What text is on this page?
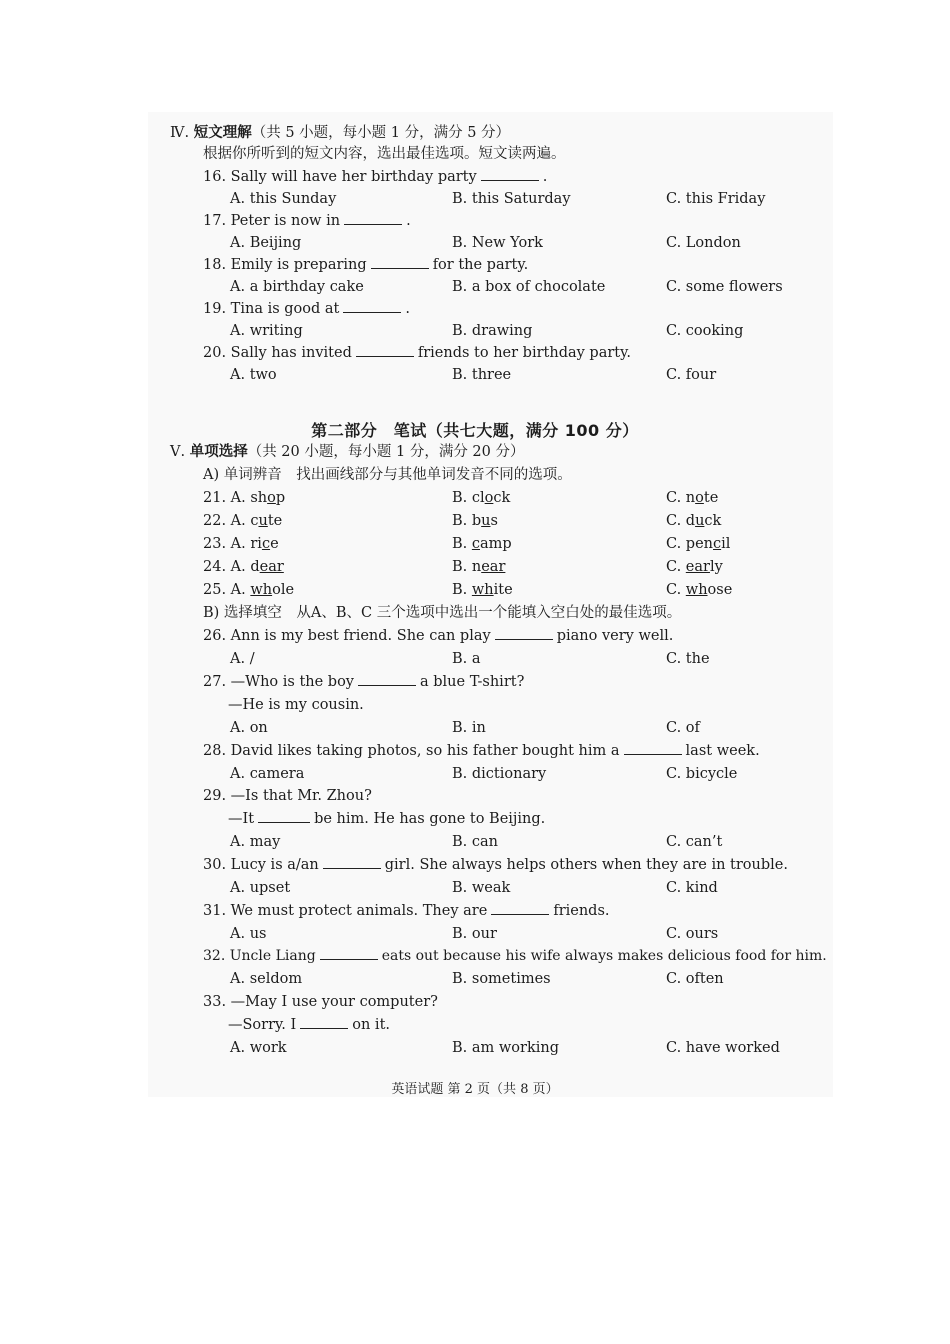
Ⅳ. 短文理解（共 5 小题，每小题 1 分，满分 5 分）
根据你所听到的短文内容，选出最佳选项。短文读两遍。
16. Sally will have her birthday party	.
A. this Sunday	B. this Saturday	C. this Friday
17. Peter is now in	.
A. Beijing	B. New York	C. London
18. Emily is preparing	for the party.
A. a birthday cake	B. a box of chocolate	C. some flowers
19. Tina is good at	.
A. writing	B. drawing	C. cooking
20. Sally has invited	friends to her birthday party.
A. two	B. three	C. four
第二部分　笔试（共七大题，满分 100 分）
Ⅴ. 单项选择（共 20 小题，每小题 1 分，满分 20 分）
A) 单词辨音　找出画线部分与其他单词发音不同的选项。
21. A. shop	B. clock	C. note
22. A. cute	B. bus	C. duck
23. A. rice	B. camp	C. pencil
24. A. dear	B. near	C. early
25. A. whole	B. white	C. whose
B) 选择填空　从A、B、C 三个选项中选出一个能填入空白处的最佳选项。
26. Ann is my best friend. She can play	piano very well.
A. /	B. a	C. the
27. —Who is the boy	a blue T-shirt?
—He is my cousin.
A. on	B. in	C. of
28. David likes taking photos, so his father bought him a	last week.
A. camera	B. dictionary	C. bicycle
29. —Is that Mr. Zhou?
—It	be him. He has gone to Beijing.
A. may	B. can	C. can’t
30. Lucy is a/an	girl. She always helps others when they are in trouble.
A. upset	B. weak	C. kind
31. We must protect animals. They are	friends.
A. us	B. our	C. ours
32. Uncle Liang	eats out because his wife always makes delicious food for him.
A. seldom	B. sometimes	C. often
33. —May I use your computer?
—Sorry. I	on it.
A. work	B. am working	C. have worked
英语试题 第 2 页（共 8 页）
